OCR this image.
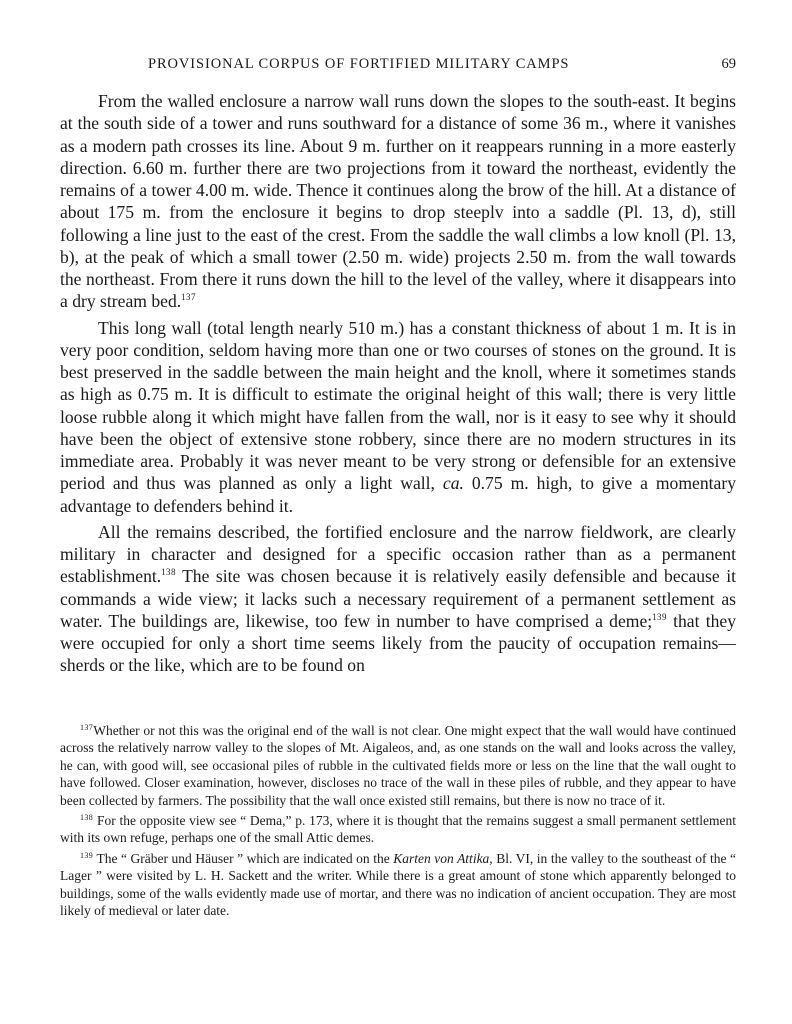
PROVISIONAL CORPUS OF FORTIFIED MILITARY CAMPS	69

From the walled enclosure a narrow wall runs down the slopes to the south-east. It begins at the south side of a tower and runs southward for a distance of some 36 m., where it vanishes as a modern path crosses its line. About 9 m. further on it reappears running in a more easterly direction. 6.60 m. further there are two projections from it toward the northeast, evidently the remains of a tower 4.00 m. wide. Thence it continues along the brow of the hill. At a distance of about 175 m. from the enclosure it begins to drop steeplv into a saddle (Pl. 13, d), still following a line just to the east of the crest. From the saddle the wall climbs a low knoll (Pl. 13, b), at the peak of which a small tower (2.50 m. wide) projects 2.50 m. from the wall towards the northeast. From there it runs down the hill to the level of the valley, where it disappears into a dry stream bed.$^{137}$

This long wall (total length nearly 510 m.) has a constant thickness of about 1 m. It is in very poor condition, seldom having more than one or two courses of stones on the ground. It is best preserved in the saddle between the main height and the knoll, where it sometimes stands as high as 0.75 m. It is difficult to estimate the original height of this wall; there is very little loose rubble along it which might have fallen from the wall, nor is it easy to see why it should have been the object of extensive stone robbery, since there are no modern structures in its immediate area. Probably it was never meant to be very strong or defensible for an extensive period and thus was planned as only a light wall, ca. 0.75 m. high, to give a momentary advantage to defenders behind it.

All the remains described, the fortified enclosure and the narrow fieldwork, are clearly military in character and designed for a specific occasion rather than as a permanent establishment.$^{138}$ The site was chosen because it is relatively easily defensible and because it commands a wide view; it lacks such a necessary requirement of a permanent settlement as water. The buildings are, likewise, too few in number to have comprised a deme;$^{139}$ that they were occupied for only a short time seems likely from the paucity of occupation remains—sherds or the like, which are to be found on

$^{137}$Whether or not this was the original end of the wall is not clear. One might expect that the wall would have continued across the relatively narrow valley to the slopes of Mt. Aigaleos, and, as one stands on the wall and looks across the valley, he can, with good will, see occasional piles of rubble in the cultivated fields more or less on the line that the wall ought to have followed. Closer examination, however, discloses no trace of the wall in these piles of rubble, and they appear to have been collected by farmers. The possibility that the wall once existed still remains, but there is now no trace of it.

$^{138}$ For the opposite view see “ Dema,” p. 173, where it is thought that the remains suggest a small permanent settlement with its own refuge, perhaps one of the small Attic demes.

$^{139}$ The “ Gräber und Häuser ” which are indicated on the Karten von Attika, Bl. VI, in the valley to the southeast of the “ Lager ” were visited by L. H. Sackett and the writer. While there is a great amount of stone which apparently belonged to buildings, some of the walls evidently made use of mortar, and there was no indication of ancient occupation. They are most likely of medieval or later date.
